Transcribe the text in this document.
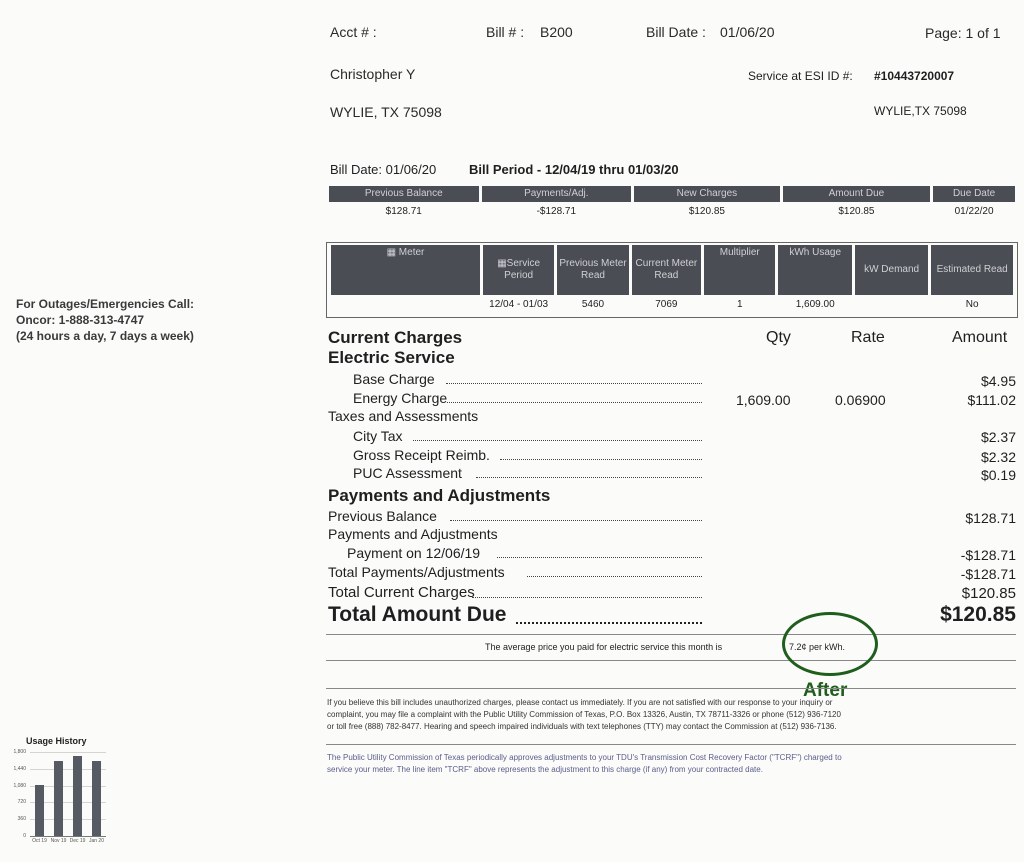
Acct # :	Bill # : B200	Bill Date : 01/06/20	Page: 1 of 1
Christopher Y	Service at ESI ID #: #10443720007
WYLIE, TX 75098	WYLIE,TX 75098
Bill Date: 01/06/20	Bill Period - 12/04/19 thru 01/03/20
Previous Balance	Payments/Adj.	New Charges	Amount Due	Due Date
$128.71	-$128.71	$120.85	$120.85	01/22/20
▦ Meter	▦Service Period	Previous Meter Read	Current Meter Read	Multiplier	kWh Usage	kW Demand	Estimated Read
	12/04 - 01/03	5460	7069	1	1,609.00		No
For Outages/Emergencies Call:
Oncor: 1-888-313-4747
(24 hours a day, 7 days a week)	Current Charges	Qty	Rate	Amount
Electric Service
Base Charge	$4.95
Energy Charge	1,609.00	0.06900	$111.02
Taxes and Assessments
City Tax	$2.37
Gross Receipt Reimb.	$2.32
PUC Assessment	$0.19
Payments and Adjustments
Previous Balance	$128.71
Payments and Adjustments
Payment on 12/06/19	-$128.71
Total Payments/Adjustments	-$128.71
Total Current Charges	$120.85
Total Amount Due	$120.85
The average price you paid for electric service this month is	7.2¢ per kWh.
After
If you believe this bill includes unauthorized charges, please contact us immediately. If you are not satisfied with our response to your inquiry or
complaint, you may file a complaint with the Public Utility Commission of Texas, P.O. Box 13326, Austin, TX 78711-3326 or phone (512) 936-7120
or toll free (888) 782-8477. Hearing and speech impaired individuals with text telephones (TTY) may contact the Commission at (512) 936-7136.
The Public Utility Commission of Texas periodically approves adjustments to your TDU's Transmission Cost Recovery Factor ("TCRF") charged to
service your meter. The line item "TCRF" above represents the adjustment to this charge (if any) from your contracted date.
Usage History
0
360
720
1,080
1,440
1,800
Oct 19 Nov 19 Dec 19 Jan 20
